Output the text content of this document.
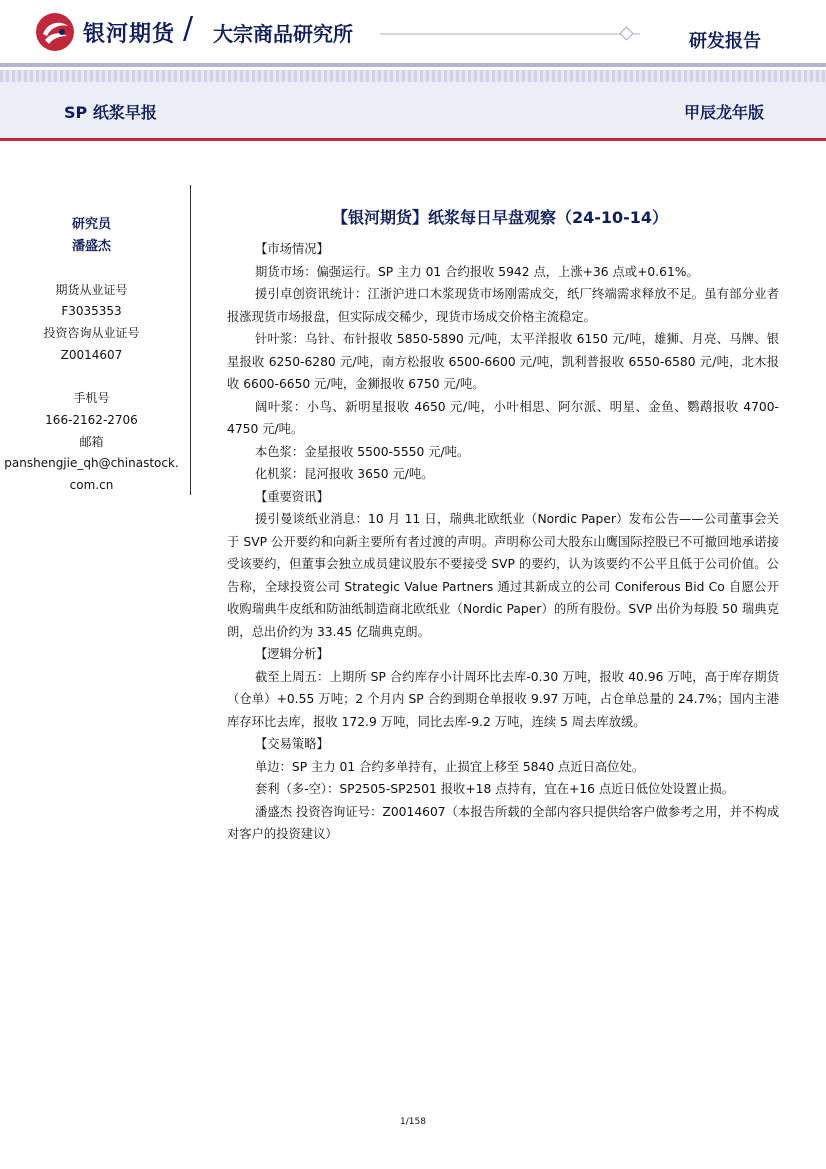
银河期货 / 大宗商品研究所	研发报告
SP 纸浆早报	甲辰龙年版
研究员
潘盛杰
期货从业证号
F3035353
投资咨询从业证号
Z0014607
手机号
166-2162-2706
邮箱
panshengjie_qh@chinastock.
com.cn
【银河期货】纸浆每日早盘观察（24-10-14）

【市场情况】

期货市场：偏强运行。SP 主力 01 合约报收 5942 点，上涨+36 点或+0.61%。

援引卓创资讯统计：江浙沪进口木浆现货市场刚需成交，纸厂终端需求释放不足。虽有部分业者报涨现货市场报盘，但实际成交稀少，现货市场成交价格主流稳定。

针叶浆：乌针、布针报收 5850-5890 元/吨，太平洋报收 6150 元/吨，雄狮、月亮、马牌、银星报收 6250-6280 元/吨，南方松报收 6500-6600 元/吨，凯利普报收 6550-6580 元/吨，北木报收 6600-6650 元/吨，金狮报收 6750 元/吨。

阔叶浆：小鸟、新明星报收 4650 元/吨，小叶相思、阿尔派、明星、金鱼、鹦鹉报收 4700-4750 元/吨。

本色浆：金星报收 5500-5550 元/吨。

化机浆：昆河报收 3650 元/吨。

【重要资讯】

援引曼谈纸业消息：10 月 11 日，瑞典北欧纸业（Nordic Paper）发布公告——公司董事会关于 SVP 公开要约和向新主要所有者过渡的声明。声明称公司大股东山鹰国际控股已不可撤回地承诺接受该要约，但董事会独立成员建议股东不要接受 SVP 的要约，认为该要约不公平且低于公司价值。公告称，全球投资公司 Strategic Value Partners 通过其新成立的公司 Coniferous Bid Co 自愿公开收购瑞典牛皮纸和防油纸制造商北欧纸业（Nordic Paper）的所有股份。SVP 出价为每股 50 瑞典克朗，总出价约为 33.45 亿瑞典克朗。

【逻辑分析】

截至上周五：上期所 SP 合约库存小计周环比去库-0.30 万吨，报收 40.96 万吨，高于库存期货（仓单）+0.55 万吨；2 个月内 SP 合约到期仓单报收 9.97 万吨，占仓单总量的 24.7%；国内主港库存环比去库，报收 172.9 万吨，同比去库-9.2 万吨，连续 5 周去库放缓。

【交易策略】

单边：SP 主力 01 合约多单持有，止损宜上移至 5840 点近日高位处。

套利（多-空）：SP2505-SP2501 报收+18 点持有，宜在+16 点近日低位处设置止损。

潘盛杰 投资咨询证号：Z0014607（本报告所载的全部内容只提供给客户做参考之用，并不构成对客户的投资建议）

1/158
